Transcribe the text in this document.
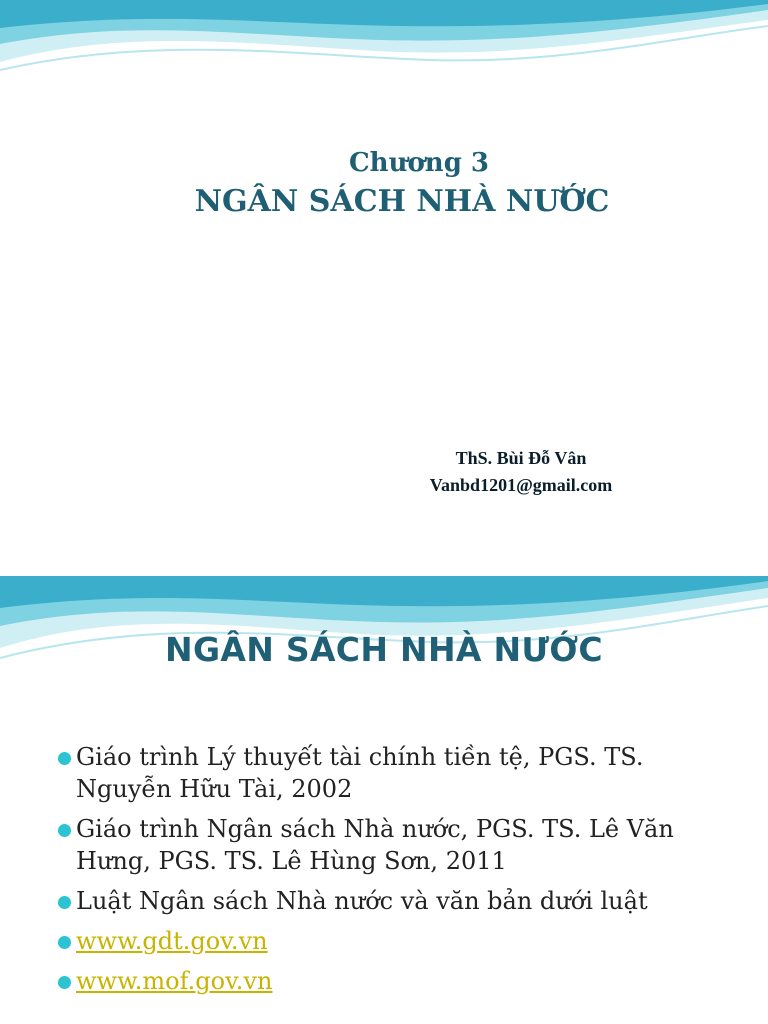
Chương 3
NGÂN SÁCH NHÀ NƯỚC
ThS. Bùi Đỗ Vân
Vanbd1201@gmail.com
NGÂN SÁCH NHÀ NƯỚC
Giáo trình Lý thuyết tài chính tiền tệ, PGS. TS. Nguyễn Hữu Tài, 2002
Giáo trình Ngân sách Nhà nước, PGS. TS. Lê Văn Hưng, PGS. TS. Lê Hùng Sơn, 2011
Luật Ngân sách Nhà nước và văn bản dưới luật
www.gdt.gov.vn
www.mof.gov.vn
